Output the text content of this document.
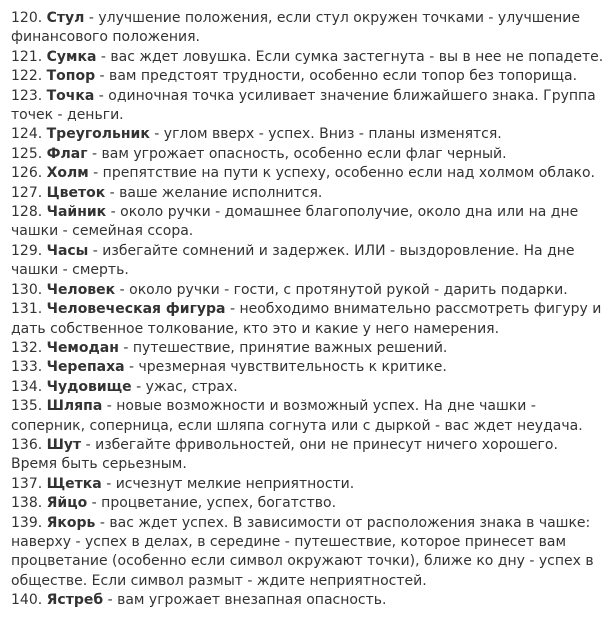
120. Стул - улучшение положения, если стул окружен точками - улучшение финансового положения.

121. Сумка - вас ждет ловушка. Если сумка застегнута - вы в нее не попадете.

122. Топор - вам предстоят трудности, особенно если топор без топорища.

123. Точка - одиночная точка усиливает значение ближайшего знака. Группа точек - деньги.

124. Треугольник - углом вверх - успех. Вниз - планы изменятся.

125. Флаг - вам угрожает опасность, особенно если флаг черный.

126. Холм - препятствие на пути к успеху, особенно если над холмом облако.

127. Цветок - ваше желание исполнится.

128. Чайник - около ручки - домашнее благополучие, около дна или на дне чашки - семейная ссора.

129. Часы - избегайте сомнений и задержек. ИЛИ - выздоровление. На дне чашки - смерть.

130. Человек - около ручки - гости, с протянутой рукой - дарить подарки.

131. Человеческая фигура - необходимо внимательно рассмотреть фигуру и дать собственное толкование, кто это и какие у него намерения.

132. Чемодан - путешествие, принятие важных решений.

133. Черепаха - чрезмерная чувствительность к критике.

134. Чудовище - ужас, страх.

135. Шляпа - новые возможности и возможный успех. На дне чашки - соперник, соперница, если шляпа согнута или с дыркой - вас ждет неудача.

136. Шут - избегайте фривольностей, они не принесут ничего хорошего. Время быть серьезным.

137. Щетка - исчезнут мелкие неприятности.

138. Яйцо - процветание, успех, богатство.

139. Якорь - вас ждет успех. В зависимости от расположения знака в чашке: наверху - успех в делах, в середине - путешествие, которое принесет вам процветание (особенно если символ окружают точки), ближе ко дну - успех в обществе. Если символ размыт - ждите неприятностей.

140. Ястреб - вам угрожает внезапная опасность.
